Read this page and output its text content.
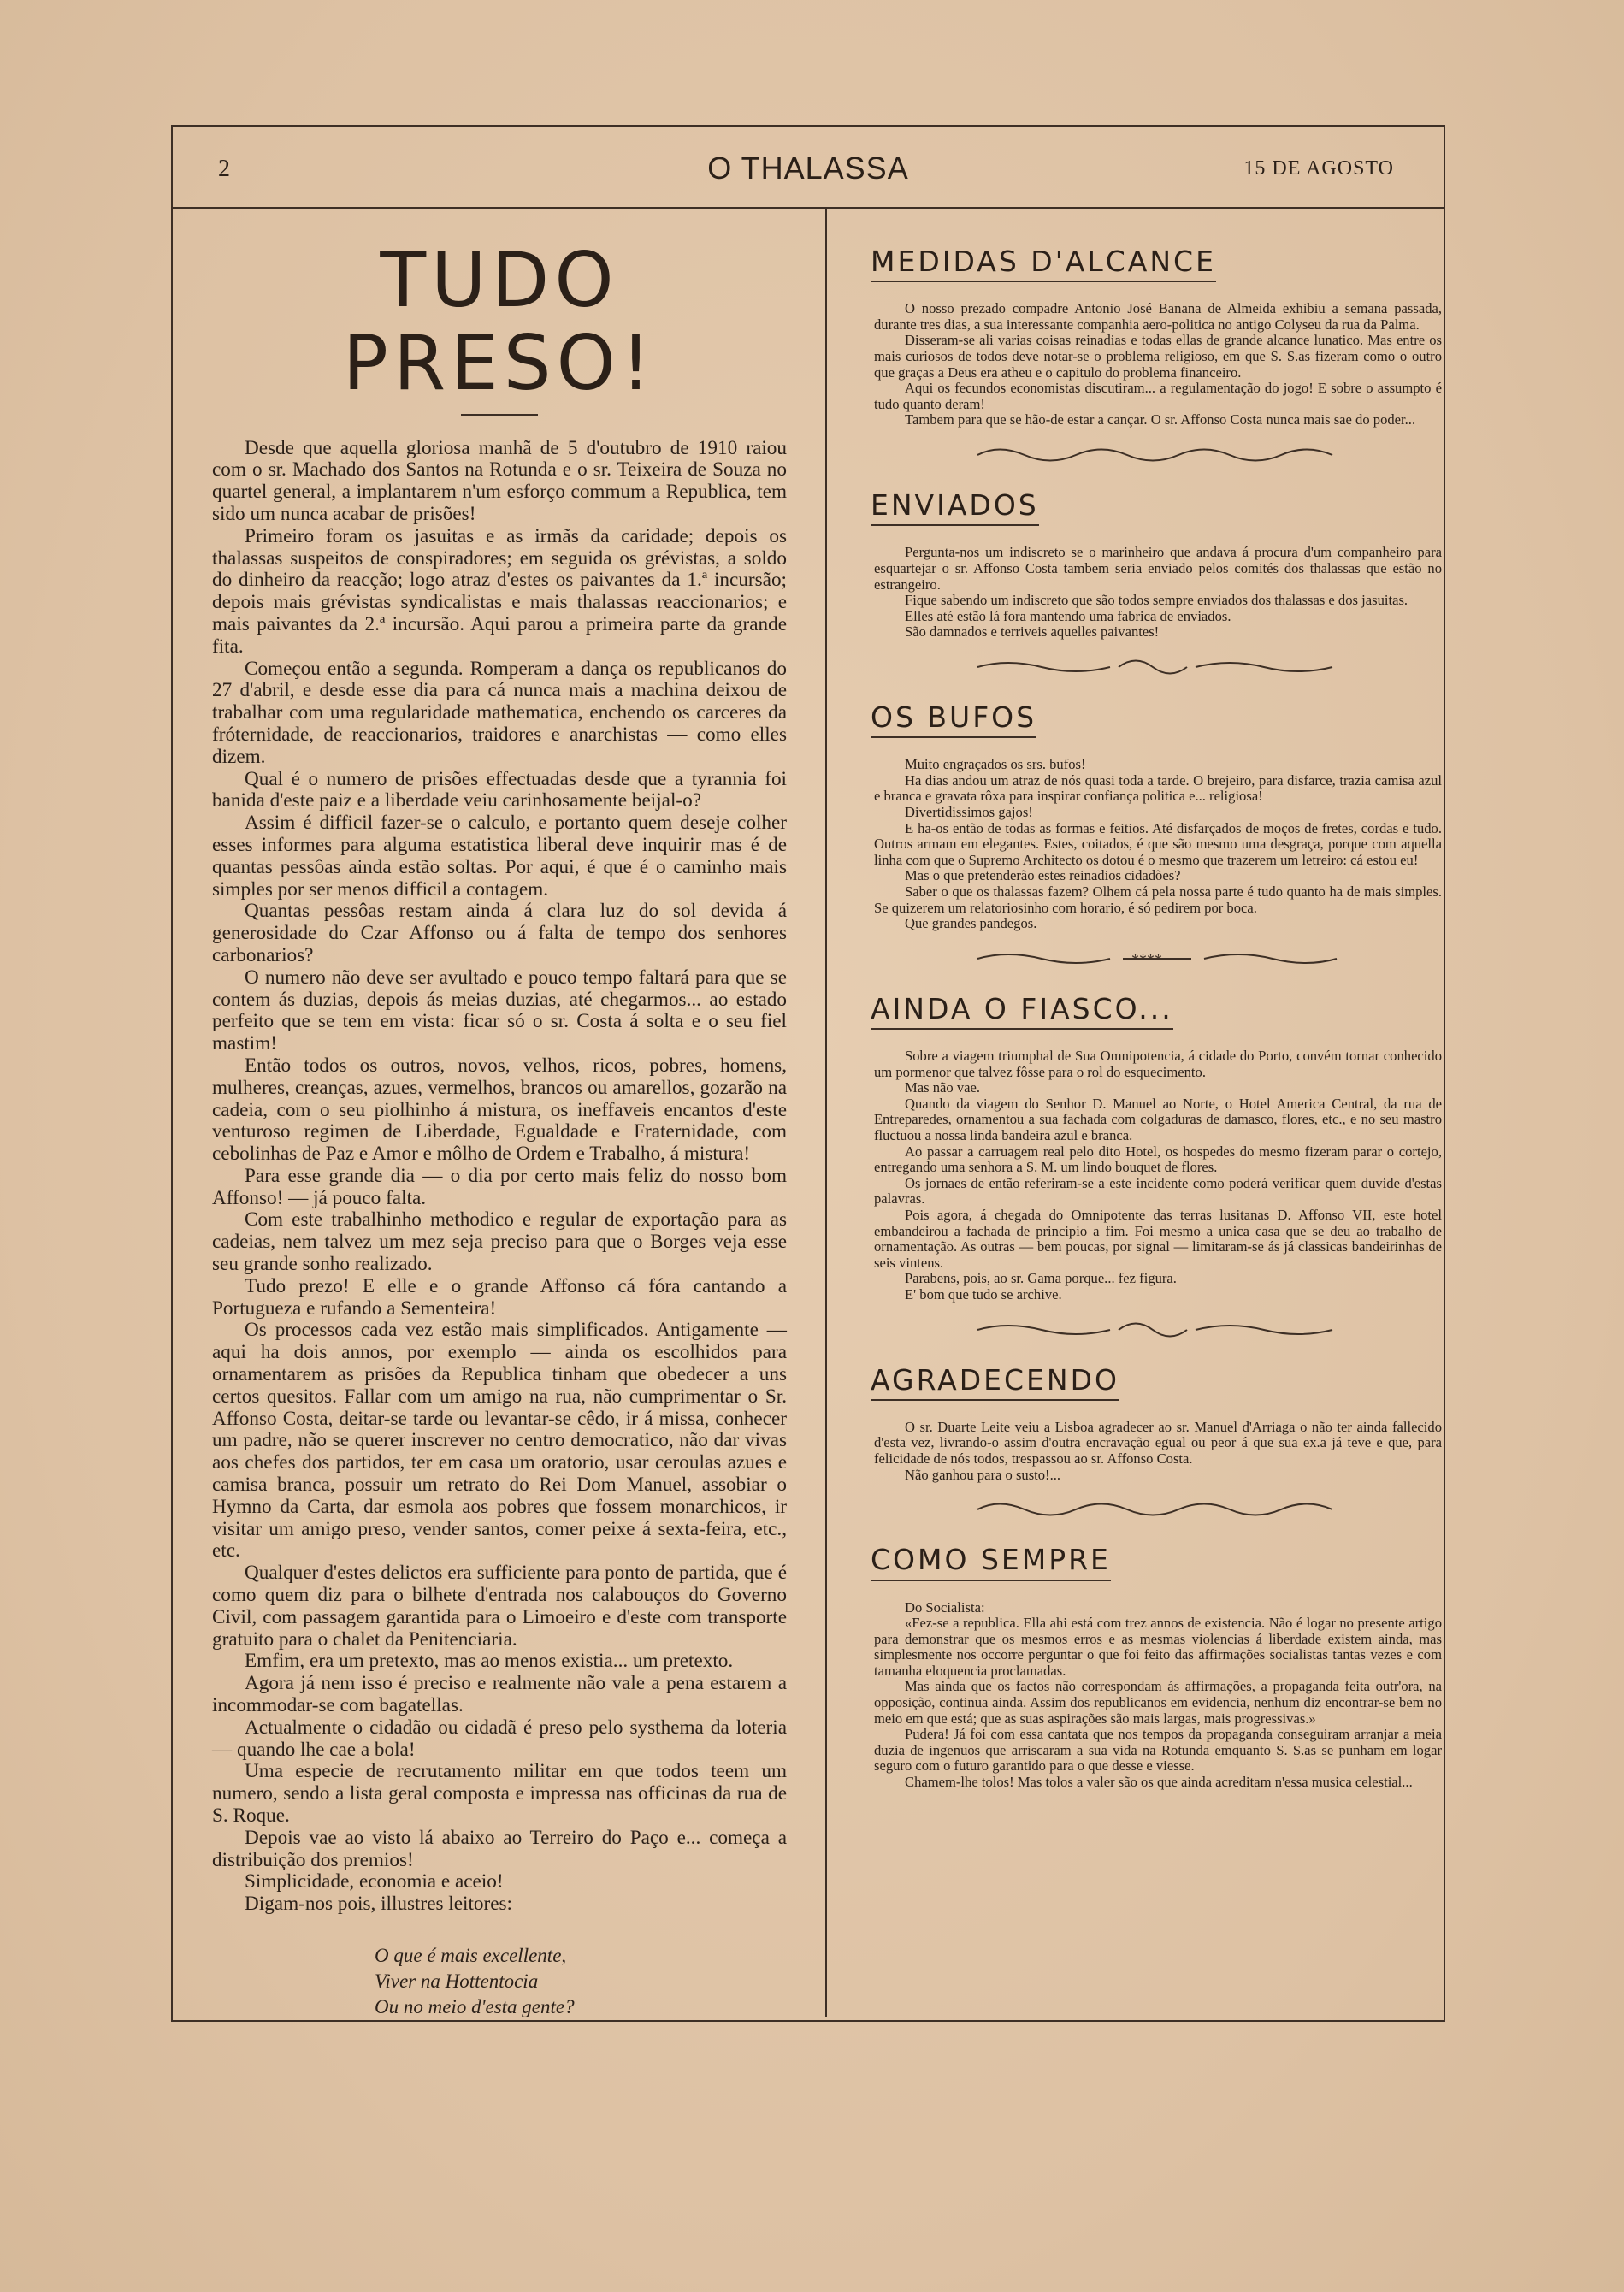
2	O THALASSA	15 DE AGOSTO
TUDO PRESO!

Desde que aquella gloriosa manhã de 5 d'outubro de 1910 raiou com o sr. Machado dos Santos na Rotunda e o sr. Teixeira de Souza no quartel general, a implantarem n'um esforço commum a Republica, tem sido um nunca acabar de prisões!

Primeiro foram os jasuitas e as irmãs da caridade; depois os thalassas suspeitos de conspiradores; em seguida os grévistas, a soldo do dinheiro da reacção; logo atraz d'estes os paivantes da 1.ª incursão; depois mais grévistas syndicalistas e mais thalassas reaccionarios; e mais paivantes da 2.ª incursão. Aqui parou a primeira parte da grande fita.

Começou então a segunda. Romperam a dança os republicanos do 27 d'abril, e desde esse dia para cá nunca mais a machina deixou de trabalhar com uma regularidade mathematica, enchendo os carceres da fróternidade, de reaccionarios, traidores e anarchistas — como elles dizem.

Qual é o numero de prisões effectuadas desde que a tyrannia foi banida d'este paiz e a liberdade veiu carinhosamente beijal-o?

Assim é difficil fazer-se o calculo, e portanto quem deseje colher esses informes para alguma estatistica liberal deve inquirir mas é de quantas pessôas ainda estão soltas. Por aqui, é que é o caminho mais simples por ser menos difficil a contagem.

Quantas pessôas restam ainda á clara luz do sol devida á generosidade do Czar Affonso ou á falta de tempo dos senhores carbonarios?

O numero não deve ser avultado e pouco tempo faltará para que se contem ás duzias, depois ás meias duzias, até chegarmos... ao estado perfeito que se tem em vista: ficar só o sr. Costa á solta e o seu fiel mastim!

Então todos os outros, novos, velhos, ricos, pobres, homens, mulheres, creanças, azues, vermelhos, brancos ou amarellos, gozarão na cadeia, com o seu piolhinho á mistura, os ineffaveis encantos d'este venturoso regimen de Liberdade, Egualdade e Fraternidade, com cebolinhas de Paz e Amor e môlho de Ordem e Trabalho, á mistura!

Para esse grande dia — o dia por certo mais feliz do nosso bom Affonso! — já pouco falta.

Com este trabalhinho methodico e regular de exportação para as cadeias, nem talvez um mez seja preciso para que o Borges veja esse seu grande sonho realizado.

Tudo prezo! E elle e o grande Affonso cá fóra cantando a Portugueza e rufando a Sementeira!

Os processos cada vez estão mais simplificados. Antigamente — aqui ha dois annos, por exemplo — ainda os escolhidos para ornamentarem as prisões da Republica tinham que obedecer a uns certos quesitos. Fallar com um amigo na rua, não cumprimentar o Sr. Affonso Costa, deitar-se tarde ou levantar-se cêdo, ir á missa, conhecer um padre, não se querer inscrever no centro democratico, não dar vivas aos chefes dos partidos, ter em casa um oratorio, usar ceroulas azues e camisa branca, possuir um retrato do Rei Dom Manuel, assobiar o Hymno da Carta, dar esmola aos pobres que fossem monarchicos, ir visitar um amigo preso, vender santos, comer peixe á sexta-feira, etc., etc.

Qualquer d'estes delictos era sufficiente para ponto de partida, que é como quem diz para o bilhete d'entrada nos calabouços do Governo Civil, com passagem garantida para o Limoeiro e d'este com transporte gratuito para o chalet da Penitenciaria.

Emfim, era um pretexto, mas ao menos existia... um pretexto.

Agora já nem isso é preciso e realmente não vale a pena estarem a incommodar-se com bagatellas.

Actualmente o cidadão ou cidadã é preso pelo systhema da loteria — quando lhe cae a bola!

Uma especie de recrutamento militar em que todos teem um numero, sendo a lista geral composta e impressa nas officinas da rua de S. Roque.

Depois vae ao visto lá abaixo ao Terreiro do Paço e... começa a distribuição dos premios!

Simplicidade, economia e aceio!

Digam-nos pois, illustres leitores:

O que é mais excellente,
Viver na Hottentocia
Ou no meio d'esta gente?
MEDIDAS D'ALCANCE

O nosso prezado compadre Antonio José Banana de Almeida exhibiu a semana passada, durante tres dias, a sua interessante companhia aero-politica no antigo Colyseu da rua da Palma.

Disseram-se ali varias coisas reinadias e todas ellas de grande alcance lunatico. Mas entre os mais curiosos de todos deve notar-se o problema religioso, em que S. S.as fizeram como o outro que graças a Deus era atheu e o capitulo do problema financeiro.

Aqui os fecundos economistas discutiram... a regulamentação do jogo! E sobre o assumpto é tudo quanto deram!

Tambem para que se hão-de estar a cançar. O sr. Affonso Costa nunca mais sae do poder...

ENVIADOS

Pergunta-nos um indiscreto se o marinheiro que andava á procura d'um companheiro para esquartejar o sr. Affonso Costa tambem seria enviado pelos comités dos thalassas que estão no estrangeiro.

Fique sabendo um indiscreto que são todos sempre enviados dos thalassas e dos jasuitas.

Elles até estão lá fora mantendo uma fabrica de enviados.

São damnados e terriveis aquelles paivantes!

OS BUFOS

Muito engraçados os srs. bufos!

Ha dias andou um atraz de nós quasi toda a tarde. O brejeiro, para disfarce, trazia camisa azul e branca e gravata rôxa para inspirar confiança politica e... religiosa!

Divertidissimos gajos!

E ha-os então de todas as formas e feitios. Até disfarçados de moços de fretes, cordas e tudo. Outros armam em elegantes. Estes, coitados, é que são mesmo uma desgraça, porque com aquella linha com que o Supremo Architecto os dotou é o mesmo que trazerem um letreiro: cá estou eu!

Mas o que pretenderão estes reinadios cidadões?

Saber o que os thalassas fazem? Olhem cá pela nossa parte é tudo quanto ha de mais simples. Se quizerem um relatoriosinho com horario, é só pedirem por boca.

Que grandes pandegos.

****
AINDA O FIASCO...

Sobre a viagem triumphal de Sua Omnipotencia, á cidade do Porto, convém tornar conhecido um pormenor que talvez fôsse para o rol do esquecimento.

Mas não vae.

Quando da viagem do Senhor D. Manuel ao Norte, o Hotel America Central, da rua de Entreparedes, ornamentou a sua fachada com colgaduras de damasco, flores, etc., e no seu mastro fluctuou a nossa linda bandeira azul e branca.

Ao passar a carruagem real pelo dito Hotel, os hospedes do mesmo fizeram parar o cortejo, entregando uma senhora a S. M. um lindo bouquet de flores.

Os jornaes de então referiram-se a este incidente como poderá verificar quem duvide d'estas palavras.

Pois agora, á chegada do Omnipotente das terras lusitanas D. Affonso VII, este hotel embandeirou a fachada de principio a fim. Foi mesmo a unica casa que se deu ao trabalho de ornamentação. As outras — bem poucas, por signal — limitaram-se ás já classicas bandeirinhas de seis vintens.

Parabens, pois, ao sr. Gama porque... fez figura.

E' bom que tudo se archive.

AGRADECENDO

O sr. Duarte Leite veiu a Lisboa agradecer ao sr. Manuel d'Arriaga o não ter ainda fallecido d'esta vez, livrando-o assim d'outra encravação egual ou peor á que sua ex.a já teve e que, para felicidade de nós todos, trespassou ao sr. Affonso Costa.

Não ganhou para o susto!...

COMO SEMPRE

Do Socialista:

«Fez-se a republica. Ella ahi está com trez annos de existencia. Não é logar no presente artigo para demonstrar que os mesmos erros e as mesmas violencias á liberdade existem ainda, mas simplesmente nos occorre perguntar o que foi feito das affirmações socialistas tantas vezes e com tamanha eloquencia proclamadas.

Mas ainda que os factos não correspondam ás affirmações, a propaganda feita outr'ora, na opposição, continua ainda. Assim dos republicanos em evidencia, nenhum diz encontrar-se bem no meio em que está; que as suas aspirações são mais largas, mais progressivas.»

Pudera! Já foi com essa cantata que nos tempos da propaganda conseguiram arranjar a meia duzia de ingenuos que arriscaram a sua vida na Rotunda emquanto S. S.as se punham em logar seguro com o futuro garantido para o que desse e viesse.

Chamem-lhe tolos! Mas tolos a valer são os que ainda acreditam n'essa musica celestial...
